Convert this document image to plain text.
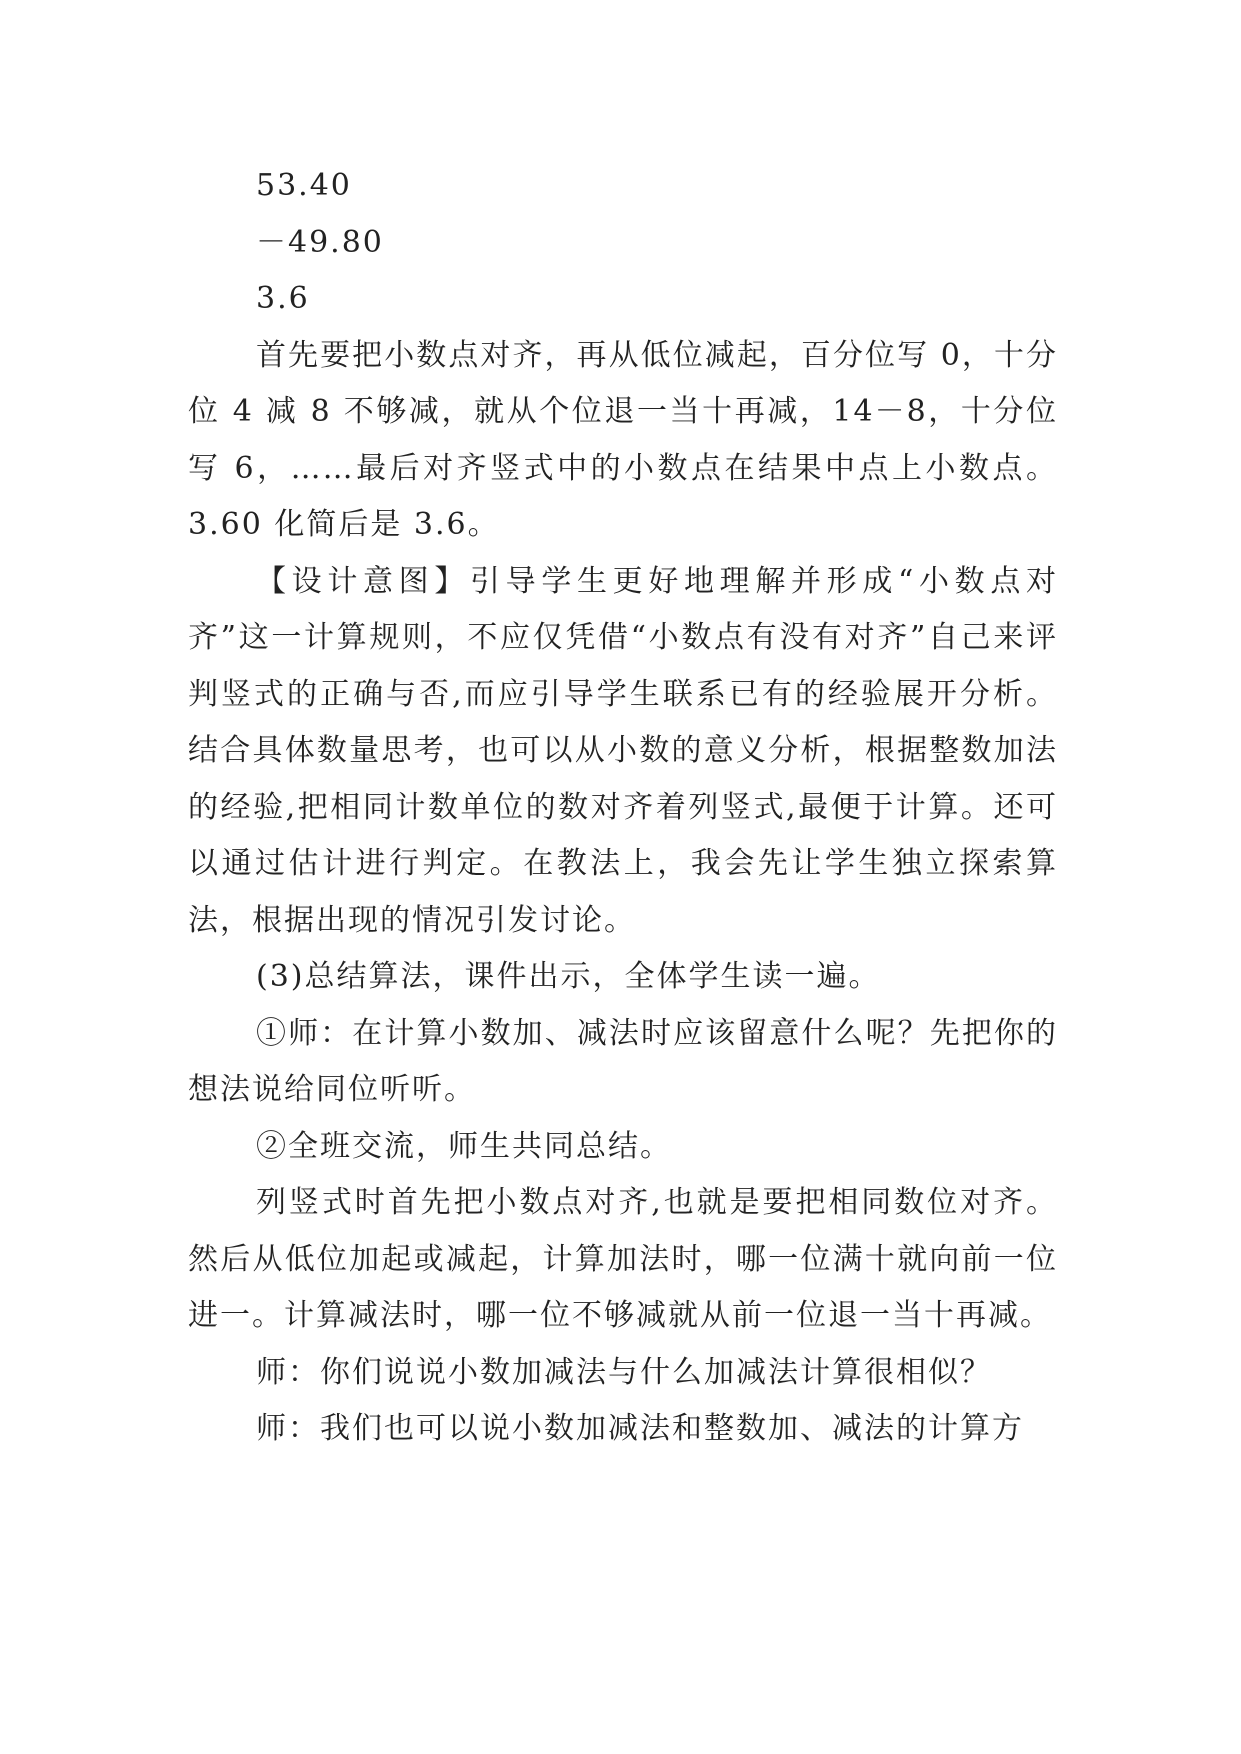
53.40

－49.80

3.6

首先要把小数点对齐，再从低位减起，百分位写 0，十分位 4 减 8 不够减，就从个位退一当十再减，14－8，十分位写 6，……最后对齐竖式中的小数点在结果中点上小数点。3.60 化简后是 3.6。

【设计意图】引导学生更好地理解并形成“小数点对齐”这一计算规则，不应仅凭借“小数点有没有对齐”自己来评判竖式的正确与否,而应引导学生联系已有的经验展开分析。结合具体数量思考，也可以从小数的意义分析，根据整数加法的经验,把相同计数单位的数对齐着列竖式,最便于计算。还可以通过估计进行判定。在教法上，我会先让学生独立探索算法，根据出现的情况引发讨论。

(3)总结算法，课件出示，全体学生读一遍。

①师：在计算小数加、减法时应该留意什么呢？先把你的想法说给同位听听。

②全班交流，师生共同总结。

列竖式时首先把小数点对齐,也就是要把相同数位对齐。然后从低位加起或减起，计算加法时，哪一位满十就向前一位进一。计算减法时，哪一位不够减就从前一位退一当十再减。

师：你们说说小数加减法与什么加减法计算很相似？

师：我们也可以说小数加减法和整数加、减法的计算方
